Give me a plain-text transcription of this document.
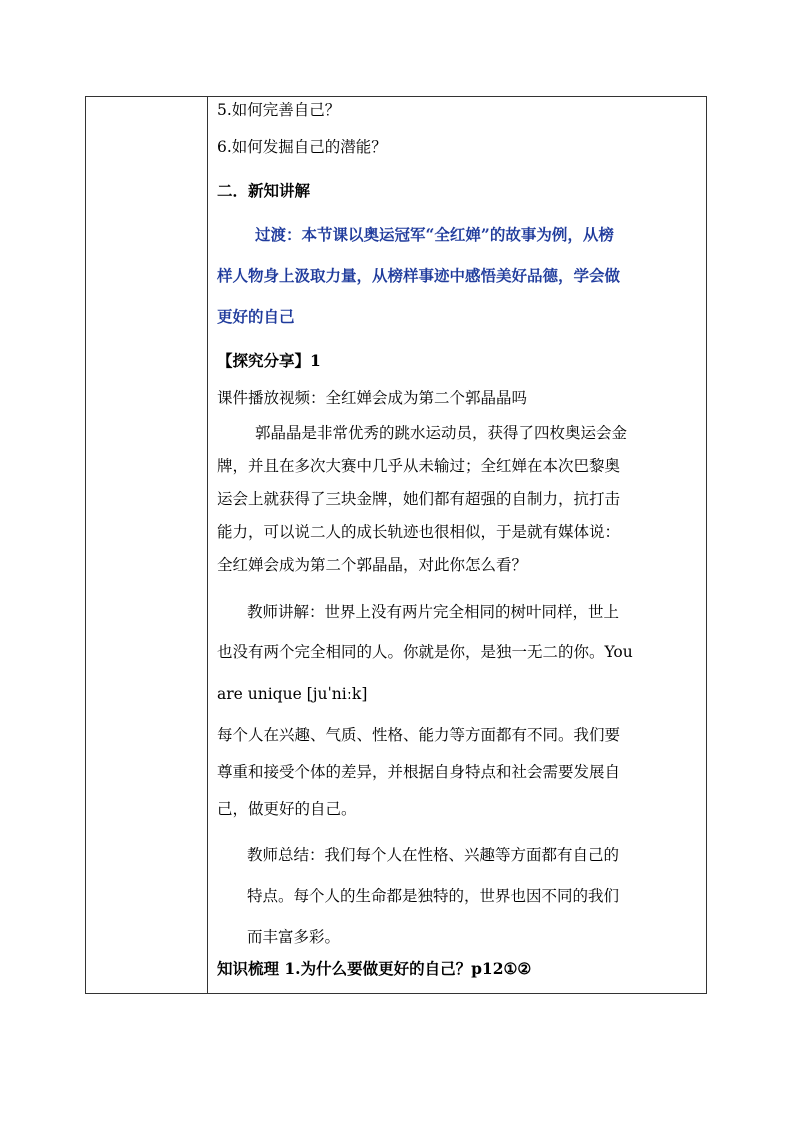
5.如何完善自己？
6.如何发掘自己的潜能？
二．新知讲解
过渡：本节课以奥运冠军“全红婵”的故事为例，从榜
样人物身上汲取力量，从榜样事迹中感悟美好品德，学会做
更好的自己
【探究分享】1
课件播放视频：全红婵会成为第二个郭晶晶吗
郭晶晶是非常优秀的跳水运动员，获得了四枚奥运会金
牌，并且在多次大赛中几乎从未输过；全红婵在本次巴黎奥
运会上就获得了三块金牌，她们都有超强的自制力，抗打击
能力，可以说二人的成长轨迹也很相似，于是就有媒体说：
全红婵会成为第二个郭晶晶，对此你怎么看？
教师讲解：世界上没有两片完全相同的树叶同样，世上
也没有两个完全相同的人。你就是你，是独一无二的你。You
are unique [juˈniːk]
每个人在兴趣、气质、性格、能力等方面都有不同。我们要
尊重和接受个体的差异，并根据自身特点和社会需要发展自
己，做更好的自己。
教师总结：我们每个人在性格、兴趣等方面都有自己的
特点。每个人的生命都是独特的，世界也因不同的我们
而丰富多彩。
知识梳理 1.为什么要做更好的自己？p12①②
